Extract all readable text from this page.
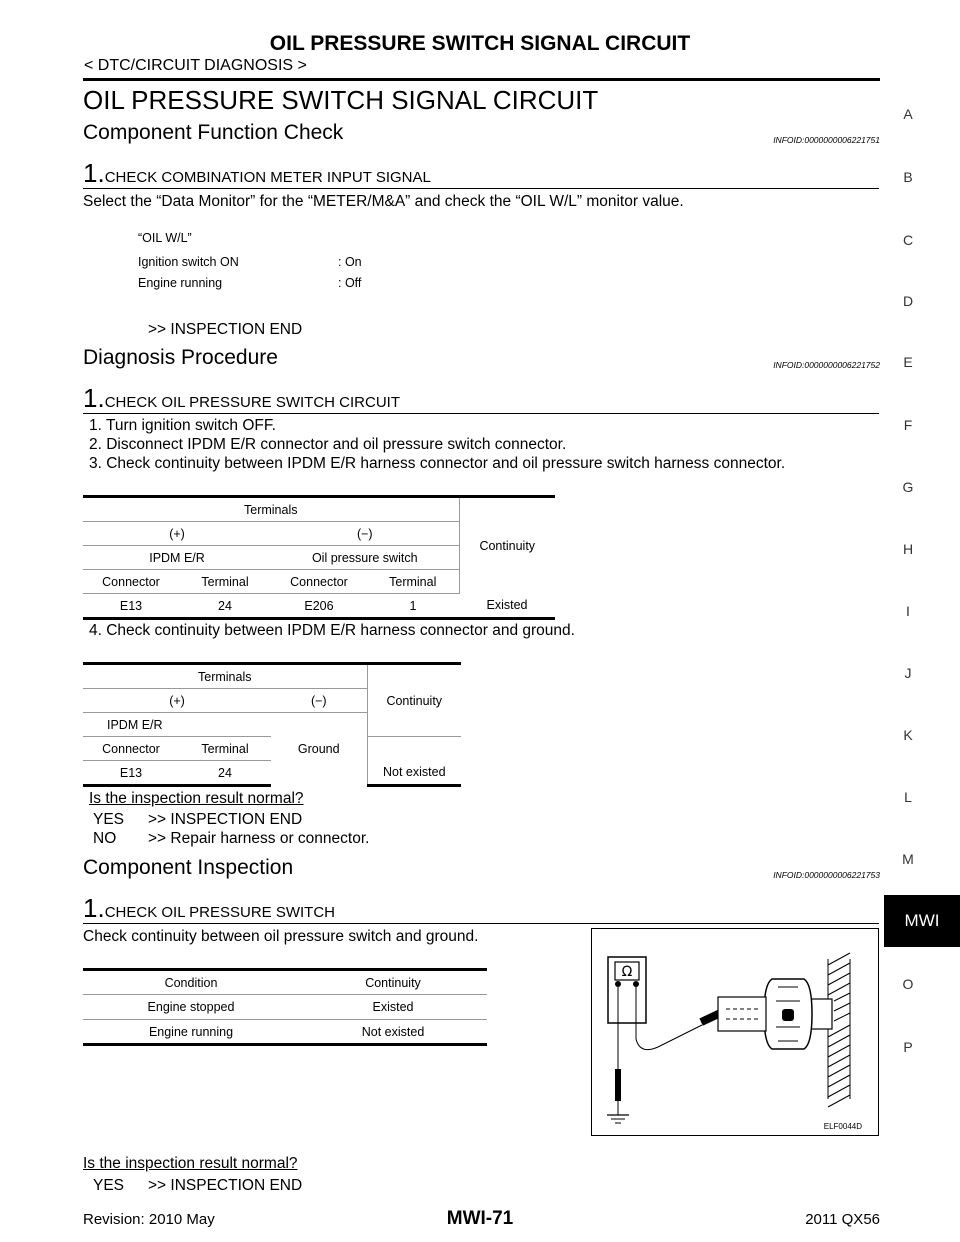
OIL PRESSURE SWITCH SIGNAL CIRCUIT
< DTC/CIRCUIT DIAGNOSIS >
OIL PRESSURE SWITCH SIGNAL CIRCUIT
Component Function Check	INFOID:0000000006221751
1.CHECK COMBINATION METER INPUT SIGNAL
Select the “Data Monitor” for the “METER/M&A” and check the “OIL W/L” monitor value.
“OIL W/L”
Ignition switch ON	: On
Engine running	: Off
>> INSPECTION END
Diagnosis Procedure	INFOID:0000000006221752
1.CHECK OIL PRESSURE SWITCH CIRCUIT
1. Turn ignition switch OFF.
2. Disconnect IPDM E/R connector and oil pressure switch connector.
3. Check continuity between IPDM E/R harness connector and oil pressure switch harness connector.
Terminals				Continuity
(+)		(−)		
IPDM E/R		Oil pressure switch		
Connector	Terminal	Connector	Terminal	
E13	24	E206	1	Existed
4. Check continuity between IPDM E/R harness connector and ground.
Terminals			Continuity
(+)		(−)	
IPDM E/R		Ground	
Connector	Terminal		
E13	24		Not existed
Is the inspection result normal?
YES >> INSPECTION END
NO >> Repair harness or connector.
Component Inspection	INFOID:0000000006221753
1.CHECK OIL PRESSURE SWITCH
Check continuity between oil pressure switch and ground.
Condition	Continuity
Engine stopped	Existed
Engine running	Not existed
Ω
ELF0044D
Is the inspection result normal?
YES >> INSPECTION END
A
B
C
D
E
F
G
H
I
J
K
L
M
MWI
O
P
Revision: 2010 May	MWI-71	2011 QX56
